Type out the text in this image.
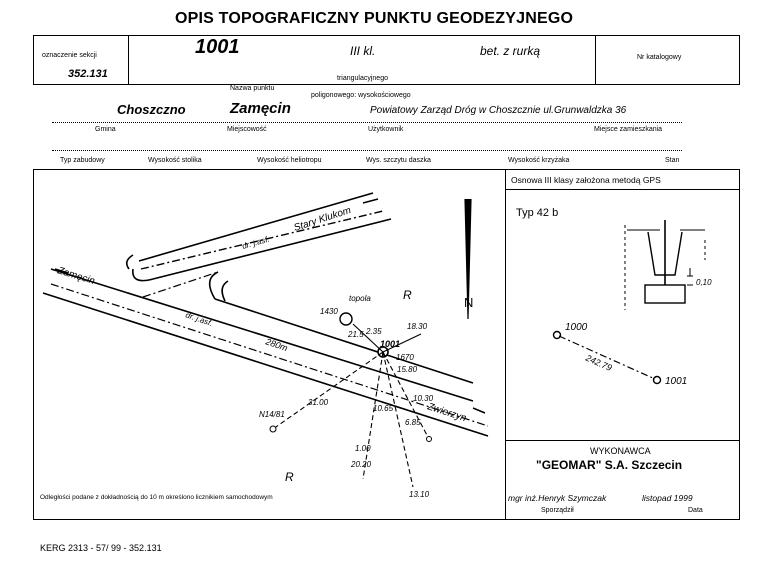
OPIS TOPOGRAFICZNY PUNKTU GEODEZYJNEGO
oznaczenie sekcji
352.131
1001	III kl.	bet. z rurką	Nr katalogowy
Nazwa punktu
triangulacyjnego
poligonowego: wysokościowego
Choszczno	Zamęcin	Powiatowy Zarząd Dróg w Choszcznie ul.Grunwaldzka 36
Gmina	Miejscowość	Użytkownik	Miejsce zamieszkania
Typ zabudowy	Wysokość stolika	Wysokość heliotropu	Wys. szczytu daszka	Wysokość krzyżaka	Stan
Stary Klukom
dr. j.asf.
Zamęcin
dr. j.asf.
280m
Zwierzyn
N
R
R
topola
1001
N14/81
1430
2.35
21.5
18.30
1670
15.80
31.00
10.65
10.30
6.85
20.20
13.10
1.00
Odległości podane z dokładnością do 10 m określono licznikiem samochodowym
Osnowa III klasy założona metodą GPS
Typ 42 b
0,10
1000
1001
242.79
WYKONAWCA
"GEOMAR" S.A. Szczecin
mgr inż.Henryk Szymczak	listopad 1999
Sporządził	Data
KERG 2313 - 57/ 99 - 352.131
